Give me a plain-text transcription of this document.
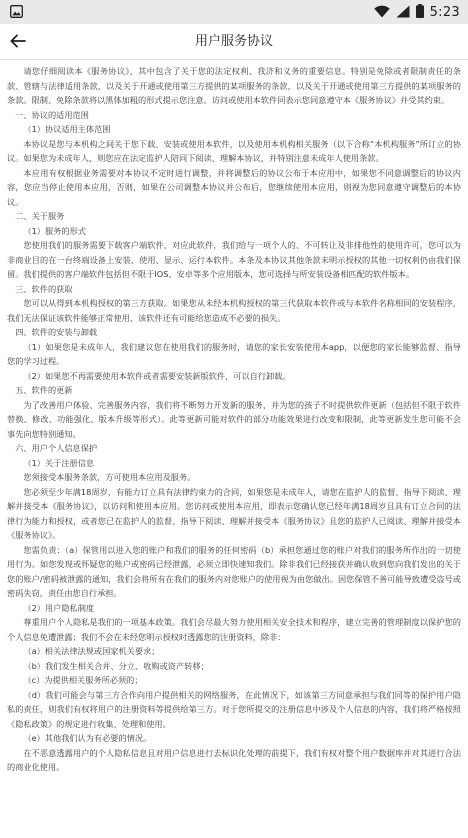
5:23
用户服务协议

请您仔细阅读本《服务协议》，其中包含了关于您的法定权利、我济和义务的重要信息。特别是免除或者限制责任的条款、管辖与法律适用条款，以及关于开通或使用第三方提供的某项服务的条款，以及关于开通或使用第三方提供的某项服务的条款。限制、免除条款将以黑体加粗的形式提示您注意。访问或使用本软件同表示您同意遵守本《服务协议》并受其约束。

一、协议的适用范围

（1）协议适用主体范围

本协议是您与本机构之间关于您下载、安装或使用本软件，以及使用本机构相关服务（以下合称“本机构服务”所订立的协议。如果您为未成年人，则您应在法定监护人陪同下阅读、理解本协议，并特别注意未成年人使用条款。

本应用有权根据业务需要对本协议不定时进行调整，并将调整后的协议公布于本应用中，如果您不同意调整后的协议内容，您应当停止使用本应用，否则，如果在公司调整本协议并公布后，您继续使用本应用，则视为您同意遵守调整后的本协议。

二、关于服务

（1）服务的形式

您使用我们的服务需要下载客户端软件，对应此软件，我们给与一项个人的、不可转让及非排他性的使用许可，您可以为非商业目的在一台终端设备上安装、使用、显示、运行本软件。本条及本协议其他条款未明示授权的其他一切权利仍由我们保留。我们提供的客户端软件包括但不限于IOS、安卓等多个应用版本，您可选择与所安装设备相匹配的软件版本。

三、软件的获取

您可以从得到本机构授权的第三方获取。如果您从未经本机构授权的第三代获取本软件或与本软件名称相同的安装程序，我们无法保证该软件能够正常使用，该软件还有可能给您造成不必要的损失。

四、软件的安装与卸载

（1）如果您是未成年人，我们建议您在使用我们的服务时，请您的家长安装使用本app，以便您的家长能够监督、指导您的学习过程。

（2）如果您不再需要使用本软件或者需要安装新版软件，可以自行卸载。

五、软件的更新

为了改善用户体验、完善服务内容，我们将不断努力开发新的服务，并为您的孩子不时提供软件更新（包括但不限于软件替换、修改、功能强化、版本升级等形式）。此等更新可能对软件的部分功能效果进行改变和限制，此等更新发生您可能不会事先向您特别通知。

六、用户个人信息保护

（1）关于注册信息

您须接受本服务条款，方可使用本应用及服务。

您必须至少年满18周岁，有能力订立具有法律约束力的合同，如果您是未成年人，请您在监护人的监督、指导下阅读、理解并接受本《服务协议》，以访问和使用本应用。您访问或使用本应用，即表示您确认您已经年满18周岁且具有订立合同的法律行为能力和授权，或者您已在监护人的监督、指导下阅读、理解并接受本《服务协议》且您的监护人已阅读、理解并接受本《服务协议》。

您需负责：（a）保管用以进入您的账户和我们的服务的任何密码（b）承担您通过您的账户对我们的服务所作出的一切使用行为。如您发现或怀疑您的账户或密码已经泄露，必须立即快速知我们。除非我们已经接获并确认收到您向我们发出的关于您的账户/密码被泄露的通知，我们会将所有在我们的服务内对您账户的使用视为由您做出。因您保管不善可能导致遭受盗号或密码失窃，责任由您自行承担。

（2）用户隐私制度

尊重用户个人隐私是我们的一项基本政策。我们会尽最大努力使用相关安全技术和程序，建立完善的管理制度以保护您的个人信息免遭泄露；我们不会在未经您明示授权时透露您的注册资料，除非：

（a）相关法律法规或国家机关要求；

（b）我们发生相关合并、分立、收购或资产转移；

（c）为提供相关服务所必须的；

（d）我们可能会与第三方合作向用户提供相关的网络服务，在此情况下，如该第三方同意承担与我们同等的保护用户隐私的责任，则我们有权将用户的注册资料等提供给第三方。对于您所提交的注册信息中涉及个人信息的内容，我们将严格按照《隐私政策》的规定进行收集、处理和使用。

（e）其他我们认为有必要的情况。

在不恶意透露用户的个人隐私信息且对用户信息进行去标识化处理的前提下，我们有权对整个用户数据库并对其进行合法的商业化使用。
